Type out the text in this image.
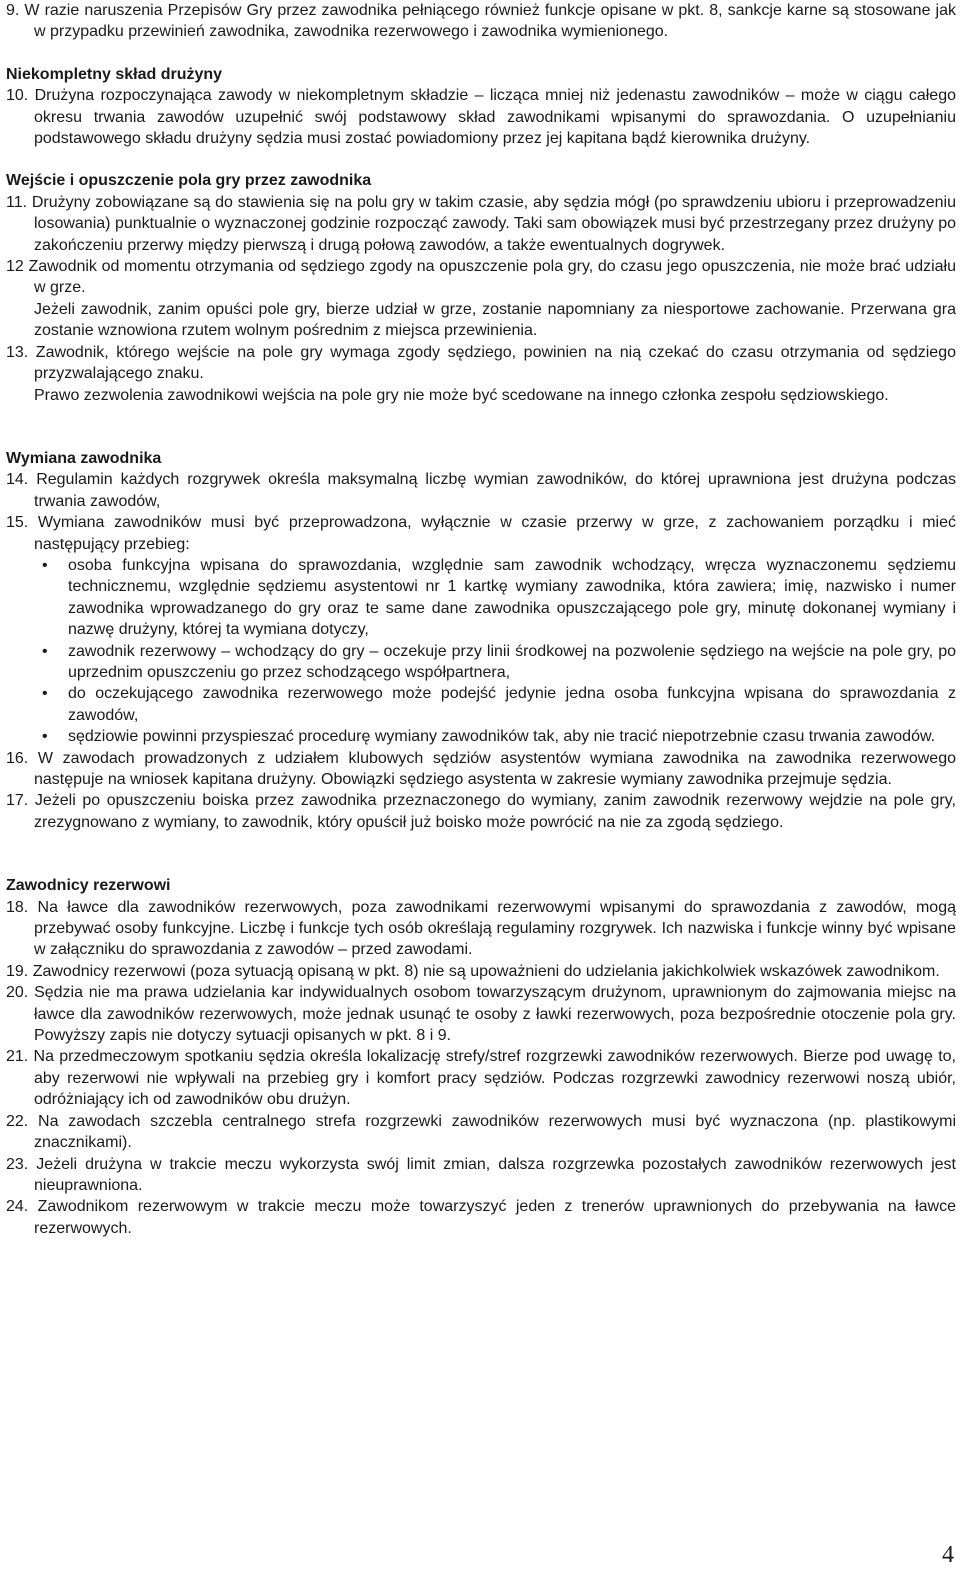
9. W razie naruszenia Przepisów Gry przez zawodnika pełniącego również funkcje opisane w pkt. 8, sankcje karne są stosowane jak w przypadku przewinień zawodnika, zawodnika rezerwowego i zawodnika wymienionego.

Niekompletny skład drużyny

10. Drużyna rozpoczynająca zawody w niekompletnym składzie – licząca mniej niż jedenastu zawodników – może w ciągu całego okresu trwania zawodów uzupełnić swój podstawowy skład zawodnikami wpisanymi do sprawozdania. O uzupełnianiu podstawowego składu drużyny sędzia musi zostać powiadomiony przez jej kapitana bądź kierownika drużyny.

Wejście i opuszczenie pola gry przez zawodnika

11. Drużyny zobowiązane są do stawienia się na polu gry w takim czasie, aby sędzia mógł (po sprawdzeniu ubioru i przeprowadzeniu losowania) punktualnie o wyznaczonej godzinie rozpocząć zawody. Taki sam obowiązek musi być przestrzegany przez drużyny po zakończeniu przerwy między pierwszą i drugą połową zawodów, a także ewentualnych dogrywek.

12 Zawodnik od momentu otrzymania od sędziego zgody na opuszczenie pola gry, do czasu jego opuszczenia, nie może brać udziału w grze.

Jeżeli zawodnik, zanim opuści pole gry, bierze udział w grze, zostanie napomniany za niesportowe zachowanie. Przerwana gra zostanie wznowiona rzutem wolnym pośrednim z miejsca przewinienia.

13. Zawodnik, którego wejście na pole gry wymaga zgody sędziego, powinien na nią czekać do czasu otrzymania od sędziego przyzwalającego znaku.

Prawo zezwolenia zawodnikowi wejścia na pole gry nie może być scedowane na innego członka zespołu sędziowskiego.

Wymiana zawodnika

14. Regulamin każdych rozgrywek określa maksymalną liczbę wymian zawodników, do której uprawniona jest drużyna podczas trwania zawodów,

15. Wymiana zawodników musi być przeprowadzona, wyłącznie w czasie przerwy w grze, z zachowaniem porządku i mieć następujący przebieg:

• osoba funkcyjna wpisana do sprawozdania, względnie sam zawodnik wchodzący, wręcza wyznaczonemu sędziemu technicznemu, względnie sędziemu asystentowi nr 1 kartkę wymiany zawodnika, która zawiera; imię, nazwisko i numer zawodnika wprowadzanego do gry oraz te same dane zawodnika opuszczającego pole gry, minutę dokonanej wymiany i nazwę drużyny, której ta wymiana dotyczy,
• zawodnik rezerwowy – wchodzący do gry – oczekuje przy linii środkowej na pozwolenie sędziego na wejście na pole gry, po uprzednim opuszczeniu go przez schodzącego współpartnera,
• do oczekującego zawodnika rezerwowego może podejść jedynie jedna osoba funkcyjna wpisana do sprawozdania z zawodów,
• sędziowie powinni przyspieszać procedurę wymiany zawodników tak, aby nie tracić niepotrzebnie czasu trwania zawodów.

16. W zawodach prowadzonych z udziałem klubowych sędziów asystentów wymiana zawodnika na zawodnika rezerwowego następuje na wniosek kapitana drużyny. Obowiązki sędziego asystenta w zakresie wymiany zawodnika przejmuje sędzia.

17. Jeżeli po opuszczeniu boiska przez zawodnika przeznaczonego do wymiany, zanim zawodnik rezerwowy wejdzie na pole gry, zrezygnowano z wymiany, to zawodnik, który opuścił już boisko może powrócić na nie za zgodą sędziego.

Zawodnicy rezerwowi

18. Na ławce dla zawodników rezerwowych, poza zawodnikami rezerwowymi wpisanymi do sprawozdania z zawodów, mogą przebywać osoby funkcyjne. Liczbę i funkcje tych osób określają regulaminy rozgrywek. Ich nazwiska i funkcje winny być wpisane w załączniku do sprawozdania z zawodów – przed zawodami.

19. Zawodnicy rezerwowi (poza sytuacją opisaną w pkt. 8) nie są upoważnieni do udzielania jakichkolwiek wskazówek zawodnikom.

20. Sędzia nie ma prawa udzielania kar indywidualnych osobom towarzyszącym drużynom, uprawnionym do zajmowania miejsc na ławce dla zawodników rezerwowych, może jednak usunąć te osoby z ławki rezerwowych, poza bezpośrednie otoczenie pola gry. Powyższy zapis nie dotyczy sytuacji opisanych w pkt. 8 i 9.

21. Na przedmeczowym spotkaniu sędzia określa lokalizację strefy/stref rozgrzewki zawodników rezerwowych. Bierze pod uwagę to, aby rezerwowi nie wpływali na przebieg gry i komfort pracy sędziów. Podczas rozgrzewki zawodnicy rezerwowi noszą ubiór, odróżniający ich od zawodników obu drużyn.

22. Na zawodach szczebla centralnego strefa rozgrzewki zawodników rezerwowych musi być wyznaczona (np. plastikowymi znacznikami).

23. Jeżeli drużyna w trakcie meczu wykorzysta swój limit zmian, dalsza rozgrzewka pozostałych zawodników rezerwowych jest nieuprawniona.

24. Zawodnikom rezerwowym w trakcie meczu może towarzyszyć jeden z trenerów uprawnionych do przebywania na ławce rezerwowych.

4
